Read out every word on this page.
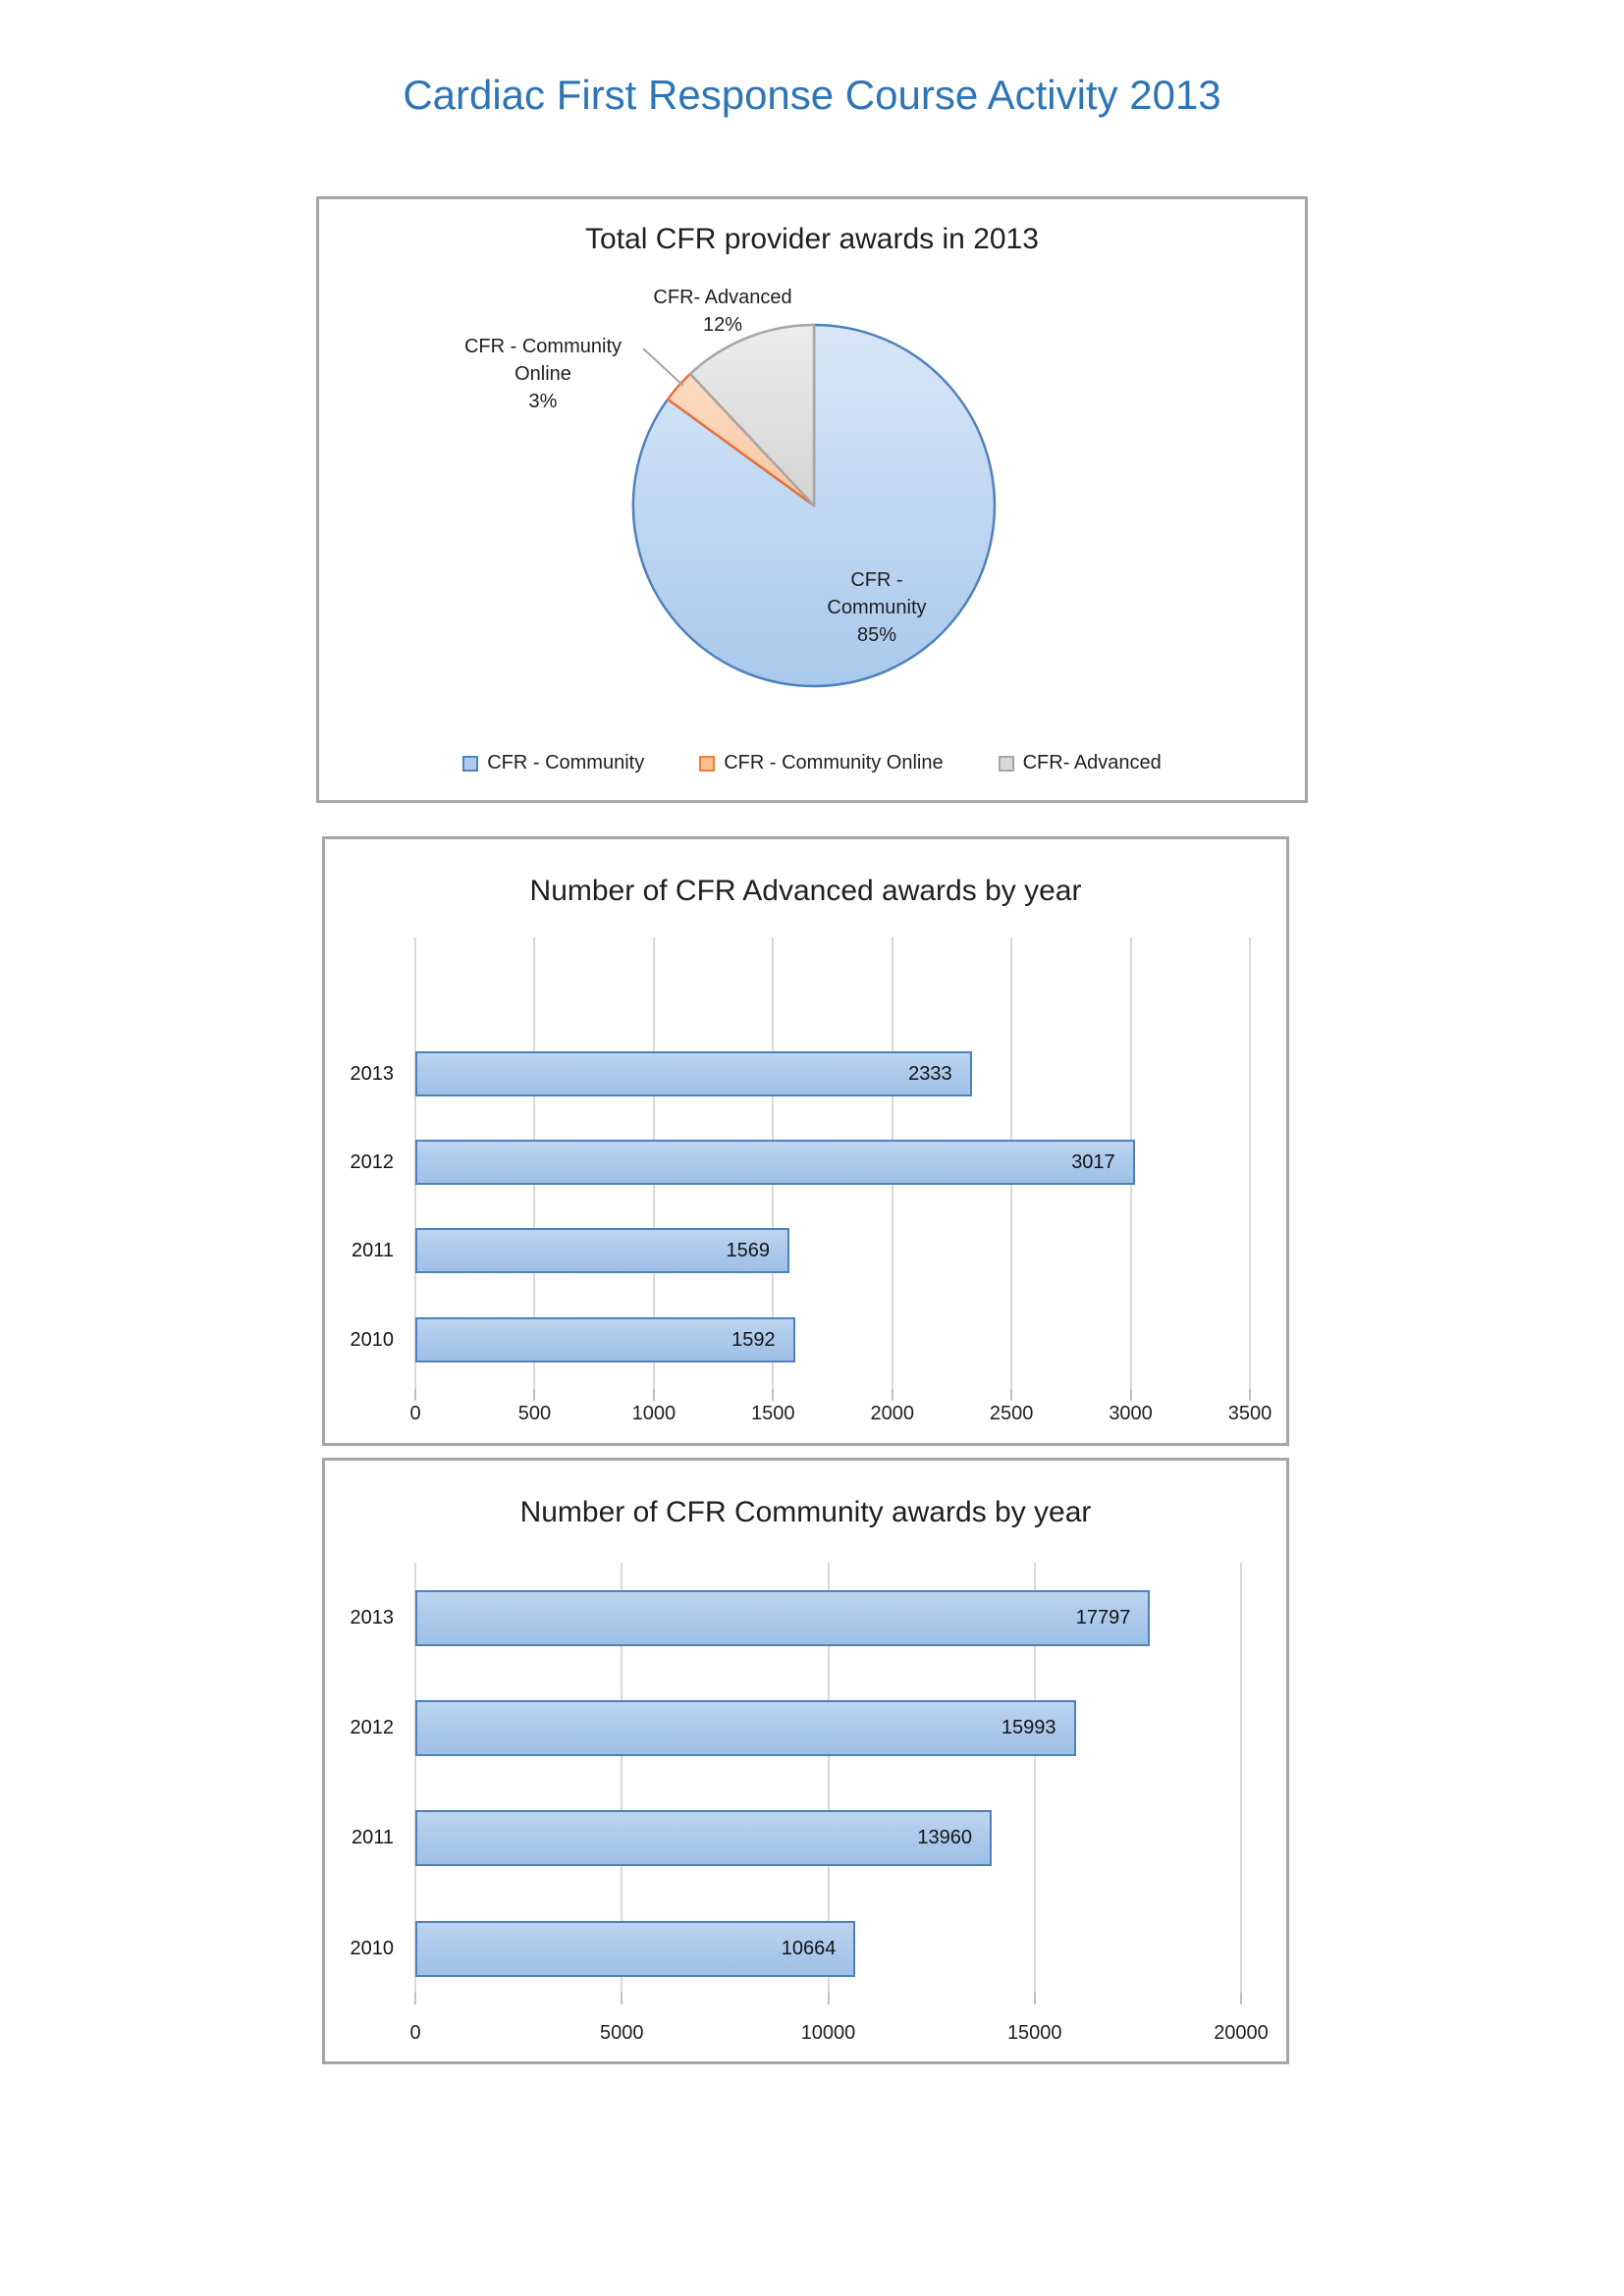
Cardiac First Response Course Activity 2013
Total CFR provider awards in 2013
CFR- Advanced
12%
CFR - Community
Online
3%
CFR -
Community
85%
CFR - Community	CFR - Community Online	CFR- Advanced
Number of CFR Advanced awards by year
0	500	1000	1500	2000	2500	3000	3500
2013	2333
2012	3017
2011	1569
2010	1592
Number of CFR Community awards by year
0	5000	10000	15000	20000
2013	17797
2012	15993
2011	13960
2010	10664
